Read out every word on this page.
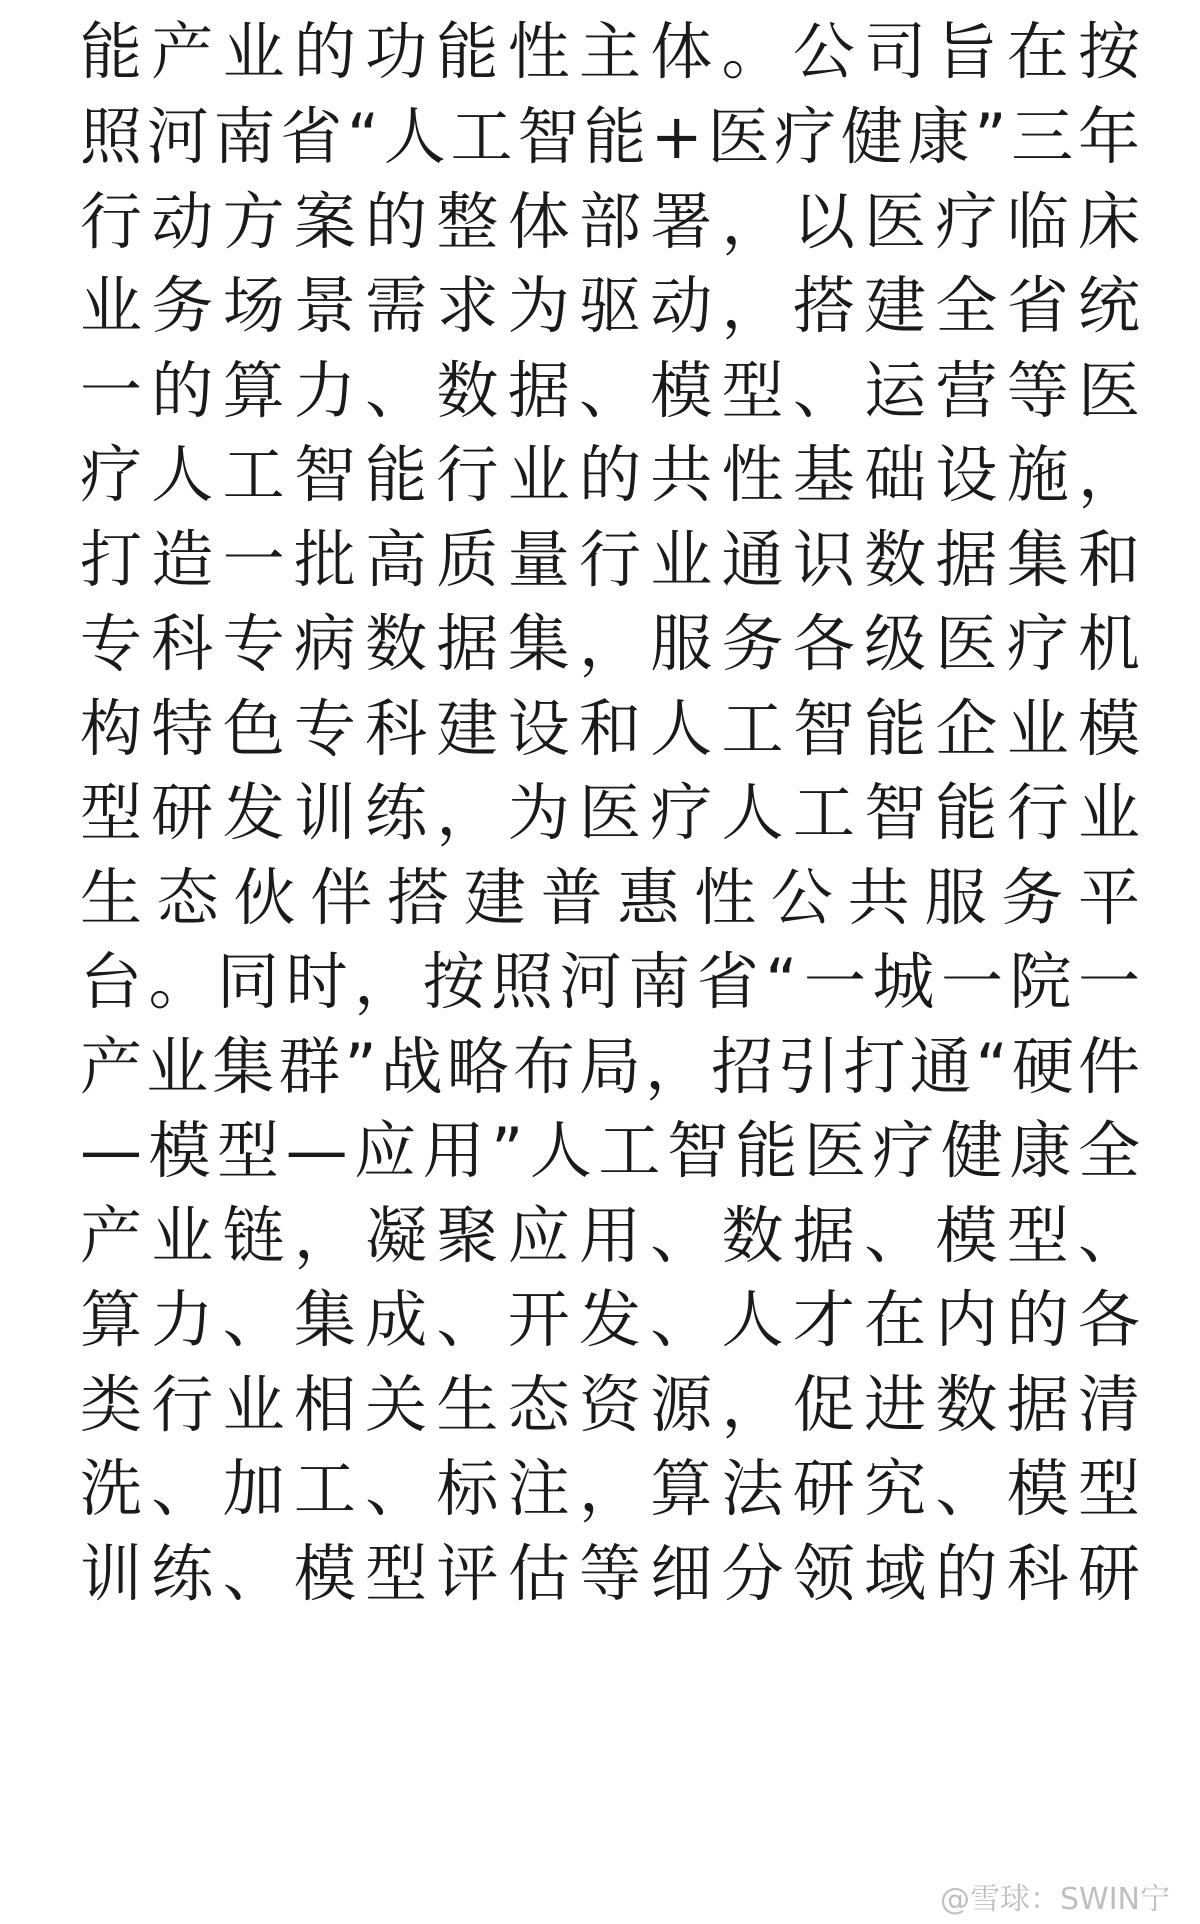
能产业的功能性主体。公司旨在按
照河南省“人工智能+医疗健康”三年
行动方案的整体部署，以医疗临床
业务场景需求为驱动，搭建全省统
一的算力、数据、模型、运营等医
疗人工智能行业的共性基础设施，
打造一批高质量行业通识数据集和
专科专病数据集，服务各级医疗机
构特色专科建设和人工智能企业模
型研发训练，为医疗人工智能行业
生态伙伴搭建普惠性公共服务平
台。同时，按照河南省“一城一院一
产业集群”战略布局，招引打通“硬件
—模型—应用”人工智能医疗健康全
产业链，凝聚应用、数据、模型、
算力、集成、开发、人才在内的各
类行业相关生态资源，促进数据清
洗、加工、标注，算法研究、模型
训练、模型评估等细分领域的科研
@雪球：SWIN宁
